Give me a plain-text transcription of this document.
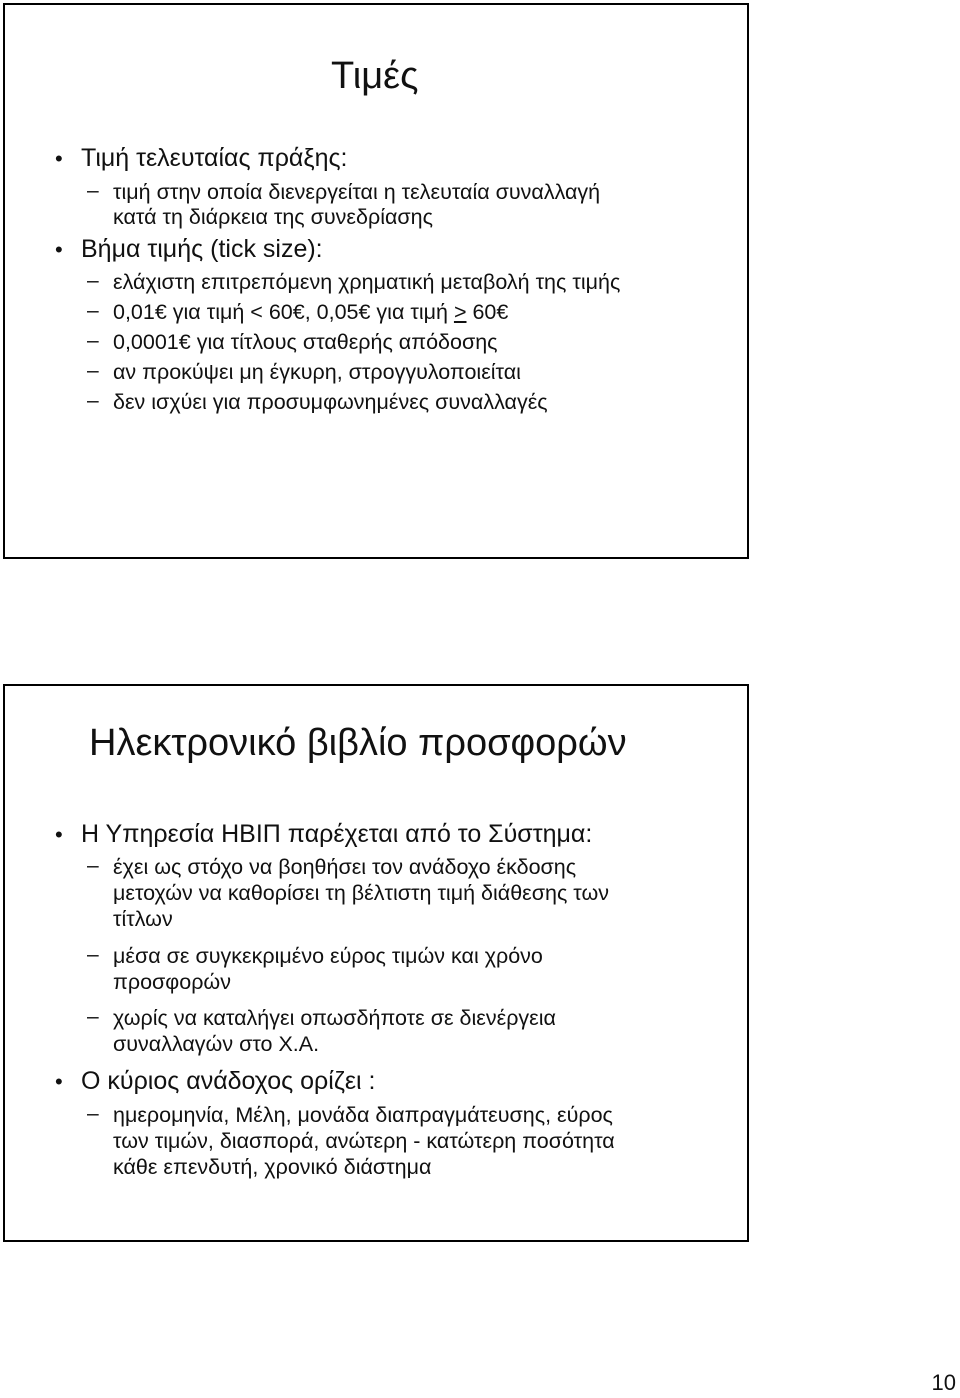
Τιμές
• Τιμή τελευταίας πράξης:
– τιμή στην οποία διενεργείται η τελευταία συναλλαγή
κατά τη διάρκεια της συνεδρίασης
• Βήμα τιμής (tick size):
– ελάχιστη επιτρεπόμενη χρηματική μεταβολή της τιμής
– 0,01€ για τιμή < 60€, 0,05€ για τιμή ≥ 60€
– 0,0001€ για τίτλους σταθερής απόδοσης
– αν προκύψει μη έγκυρη, στρογγυλοποιείται
– δεν ισχύει για προσυμφωνημένες συναλλαγές
Ηλεκτρονικό βιβλίο προσφορών
• Η Υπηρεσία ΗΒΙΠ παρέχεται από το Σύστημα:
– έχει ως στόχο να βοηθήσει τον ανάδοχο έκδοσης
μετοχών να καθορίσει τη βέλτιστη τιμή διάθεσης των
τίτλων
– μέσα σε συγκεκριμένο εύρος τιμών και χρόνο
προσφορών
– χωρίς να καταλήγει οπωσδήποτε σε διενέργεια
συναλλαγών στο Χ.Α.
• Ο κύριος ανάδοχος ορίζει :
– ημερομηνία, Μέλη, μονάδα διαπραγμάτευσης, εύρος
των τιμών, διασπορά, ανώτερη - κατώτερη ποσότητα
κάθε επενδυτή, χρονικό διάστημα
10
